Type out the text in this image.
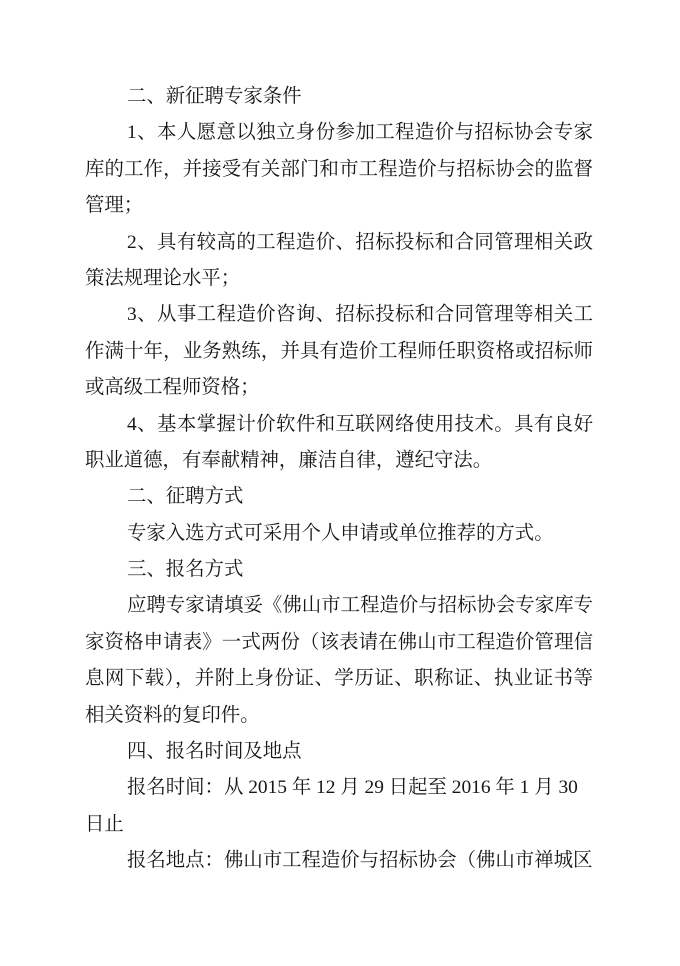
二、新征聘专家条件
1、本人愿意以独立身份参加工程造价与招标协会专家
库的工作，并接受有关部门和市工程造价与招标协会的监督
管理；
2、具有较高的工程造价、招标投标和合同管理相关政
策法规理论水平；
3、从事工程造价咨询、招标投标和合同管理等相关工
作满十年，业务熟练，并具有造价工程师任职资格或招标师
或高级工程师资格；
4、基本掌握计价软件和互联网络使用技术。具有良好
职业道德，有奉献精神，廉洁自律，遵纪守法。
二、征聘方式
专家入选方式可采用个人申请或单位推荐的方式。
三、报名方式
应聘专家请填妥《佛山市工程造价与招标协会专家库专
家资格申请表》一式两份（该表请在佛山市工程造价管理信
息网下载），并附上身份证、学历证、职称证、执业证书等
相关资料的复印件。
四、报名时间及地点
报名时间：从 2015 年 12 月 29 日起至 2016 年 1 月 30
日止
报名地点：佛山市工程造价与招标协会（佛山市禅城区
